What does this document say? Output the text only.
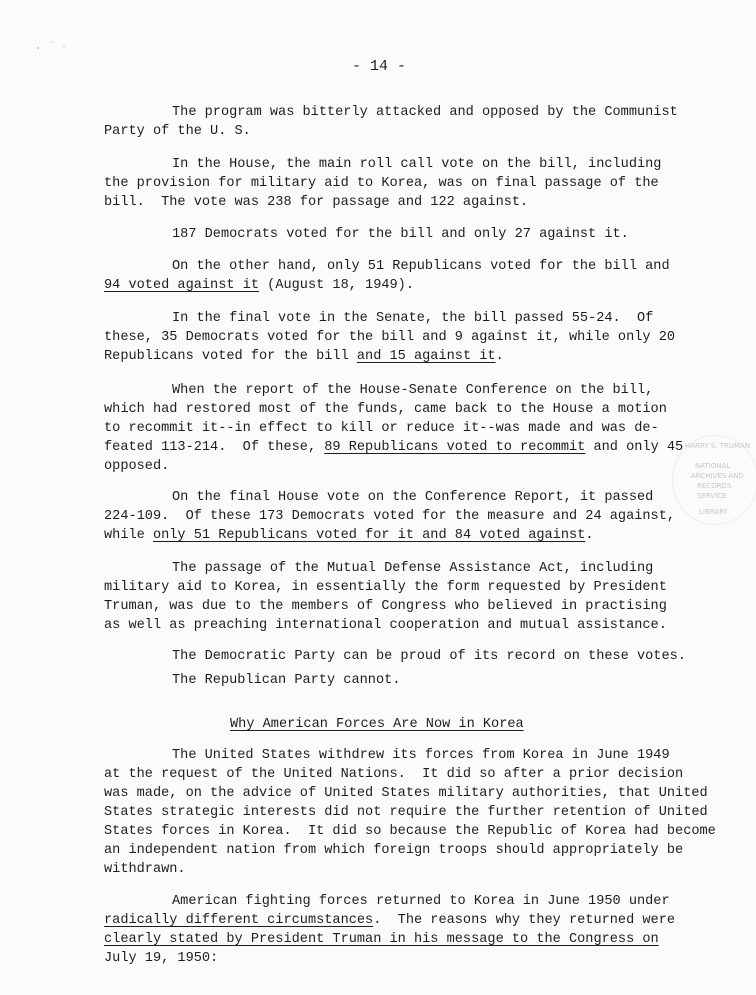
- 14 -
The program was bitterly attacked and opposed by the Communist
Party of the U. S.
In the House, the main roll call vote on the bill, including
the provision for military aid to Korea, was on final passage of the
bill.  The vote was 238 for passage and 122 against.
187 Democrats voted for the bill and only 27 against it.
On the other hand, only 51 Republicans voted for the bill and
94 voted against it (August 18, 1949).
In the final vote in the Senate, the bill passed 55-24.  Of
these, 35 Democrats voted for the bill and 9 against it, while only 20
Republicans voted for the bill and 15 against it.
When the report of the House-Senate Conference on the bill,
which had restored most of the funds, came back to the House a motion
to recommit it--in effect to kill or reduce it--was made and was de-
feated 113-214.  Of these, 89 Republicans voted to recommit and only 45
opposed.
On the final House vote on the Conference Report, it passed
224-109.  Of these 173 Democrats voted for the measure and 24 against,
while only 51 Republicans voted for it and 84 voted against.
The passage of the Mutual Defense Assistance Act, including
military aid to Korea, in essentially the form requested by President
Truman, was due to the members of Congress who believed in practising
as well as preaching international cooperation and mutual assistance.
The Democratic Party can be proud of its record on these votes.
The Republican Party cannot.
Why American Forces Are Now in Korea
The United States withdrew its forces from Korea in June 1949
at the request of the United Nations.  It did so after a prior decision
was made, on the advice of United States military authorities, that United
States strategic interests did not require the further retention of United
States forces in Korea.  It did so because the Republic of Korea had become
an independent nation from which foreign troops should appropriately be
withdrawn.
American fighting forces returned to Korea in June 1950 under
radically different circumstances.  The reasons why they returned were
clearly stated by President Truman in his message to the Congress on
July 19, 1950:
HARRY S. TRUMAN
NATIONAL
ARCHIVES AND
RECORDS
SERVICE
LIBRARY
